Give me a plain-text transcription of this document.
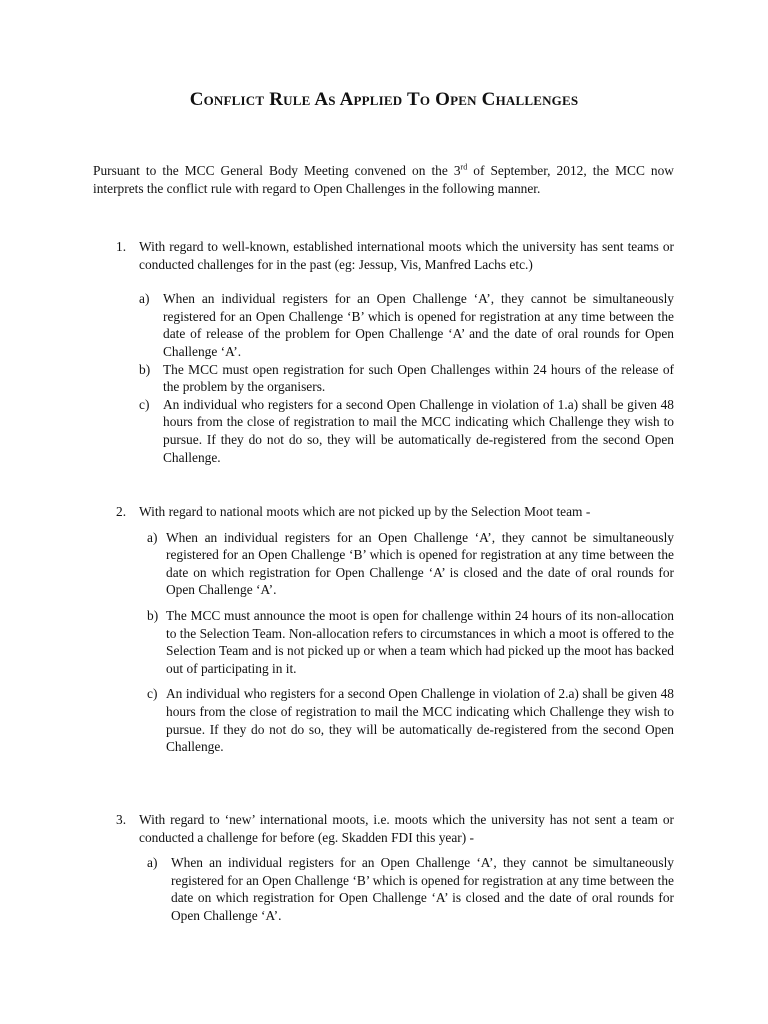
Conflict Rule As Applied To Open Challenges
Pursuant to the MCC General Body Meeting convened on the 3rd of September, 2012, the MCC now interprets the conflict rule with regard to Open Challenges in the following manner.
1. With regard to well-known, established international moots which the university has sent teams or conducted challenges for in the past (eg: Jessup, Vis, Manfred Lachs etc.)
a) When an individual registers for an Open Challenge ‘A’, they cannot be simultaneously registered for an Open Challenge ‘B’ which is opened for registration at any time between the date of release of the problem for Open Challenge ‘A’ and the date of oral rounds for Open Challenge ‘A’.
b) The MCC must open registration for such Open Challenges within 24 hours of the release of the problem by the organisers.
c) An individual who registers for a second Open Challenge in violation of 1.a) shall be given 48 hours from the close of registration to mail the MCC indicating which Challenge they wish to pursue. If they do not do so, they will be automatically de-registered from the second Open Challenge.
2. With regard to national moots which are not picked up by the Selection Moot team -
a) When an individual registers for an Open Challenge ‘A’, they cannot be simultaneously registered for an Open Challenge ‘B’ which is opened for registration at any time between the date on which registration for Open Challenge ‘A’ is closed and the date of oral rounds for Open Challenge ‘A’.
b) The MCC must announce the moot is open for challenge within 24 hours of its non-allocation to the Selection Team. Non-allocation refers to circumstances in which a moot is offered to the Selection Team and is not picked up or when a team which had picked up the moot has backed out of participating in it.
c) An individual who registers for a second Open Challenge in violation of 2.a) shall be given 48 hours from the close of registration to mail the MCC indicating which Challenge they wish to pursue. If they do not do so, they will be automatically de-registered from the second Open Challenge.
3. With regard to ‘new’ international moots, i.e. moots which the university has not sent a team or conducted a challenge for before (eg. Skadden FDI this year) -
a) When an individual registers for an Open Challenge ‘A’, they cannot be simultaneously registered for an Open Challenge ‘B’ which is opened for registration at any time between the date on which registration for Open Challenge ‘A’ is closed and the date of oral rounds for Open Challenge ‘A’.
